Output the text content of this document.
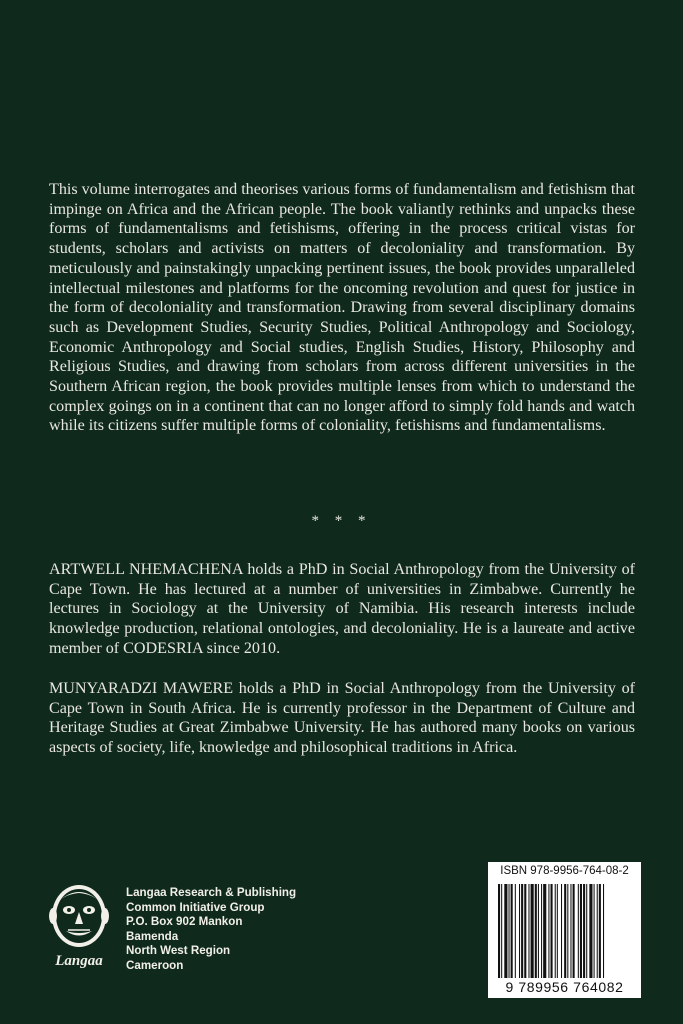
This volume interrogates and theorises various forms of fundamentalism and fetishism that impinge on Africa and the African people. The book valiantly rethinks and unpacks these forms of fundamentalisms and fetishisms, offering in the process critical vistas for students, scholars and activists on matters of decoloniality and transformation. By meticulously and painstakingly unpacking pertinent issues, the book provides unparalleled intellectual milestones and platforms for the oncoming revolution and quest for justice in the form of decoloniality and transformation. Drawing from several disciplinary domains such as Development Studies, Security Studies, Political Anthropology and Sociology, Economic Anthropology and Social studies, English Studies, History, Philosophy and Religious Studies, and drawing from scholars from across different universities in the Southern African region, the book provides multiple lenses from which to understand the complex goings on in a continent that can no longer afford to simply fold hands and watch while its citizens suffer multiple forms of coloniality, fetishisms and fundamentalisms.

* * *

ARTWELL NHEMACHENA holds a PhD in Social Anthropology from the University of Cape Town. He has lectured at a number of universities in Zimbabwe. Currently he lectures in Sociology at the University of Namibia. His research interests include knowledge production, relational ontologies, and decoloniality. He is a laureate and active member of CODESRIA since 2010.

MUNYARADZI MAWERE holds a PhD in Social Anthropology from the University of Cape Town in South Africa. He is currently professor in the Department of Culture and Heritage Studies at Great Zimbabwe University. He has authored many books on various aspects of society, life, knowledge and philosophical traditions in Africa.

Langaa
Langaa Research & Publishing
Common Initiative Group
P.O. Box 902 Mankon
Bamenda
North West Region
Cameroon
ISBN 978-9956-764-08-2
9 789956 764082
